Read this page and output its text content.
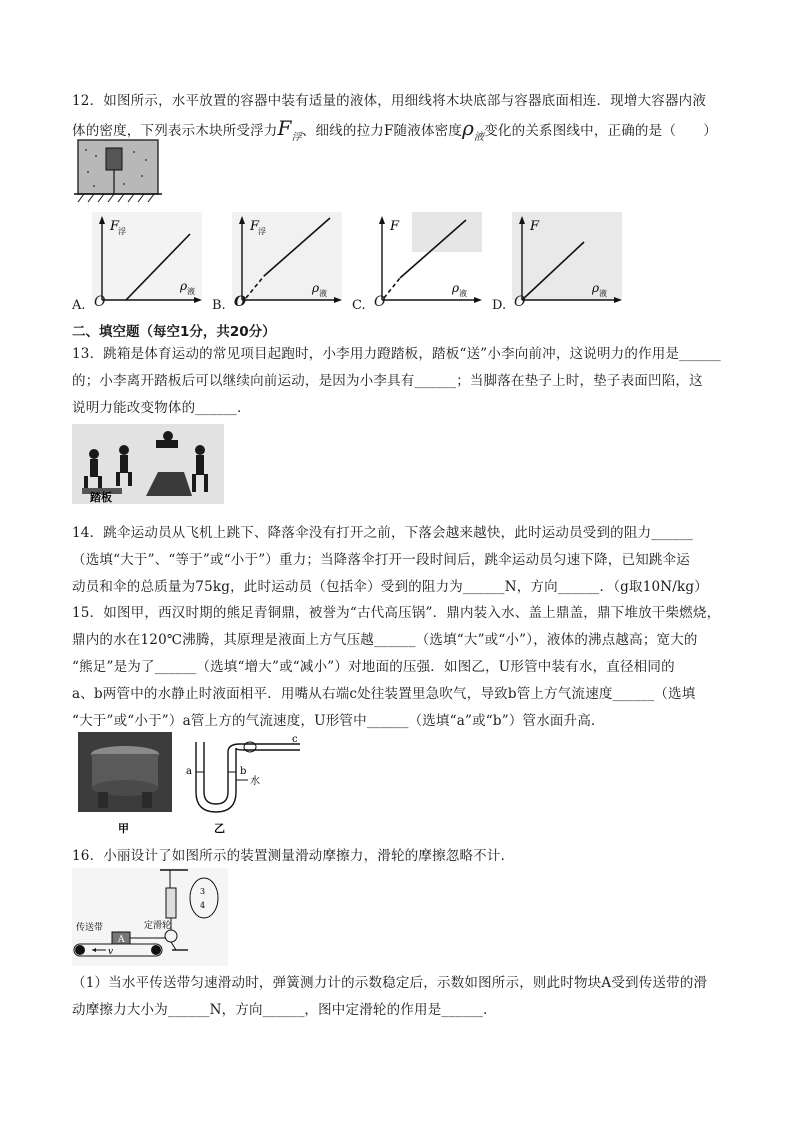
12．如图所示，水平放置的容器中装有适量的液体，用细线将木块底部与容器底面相连．现增大容器内液
体的密度，下列表示木块所受浮力$F_浮$、细线的拉力F随液体密度$\rho_液$变化的关系图线中，正确的是（　　）
F
浮
ρ 液
A. O
F
浮
ρ 液
B. O
F
ρ 液
C. O
F
ρ 液
D. O
二、填空题（每空1分，共20分）
13．跳箱是体育运动的常见项目起跑时，小李用力蹬踏板，踏板“送”小李向前冲，这说明力的作用是______
的；小李离开踏板后可以继续向前运动，是因为小李具有______；当脚落在垫子上时，垫子表面凹陷，这
说明力能改变物体的______．
踏板
14．跳伞运动员从飞机上跳下、降落伞没有打开之前，下落会越来越快，此时运动员受到的阻力______
（选填“大于”、“等于”或“小于”）重力；当降落伞打开一段时间后，跳伞运动员匀速下降，已知跳伞运
动员和伞的总质量为75kg，此时运动员（包括伞）受到的阻力为______N，方向______．（g取10N/kg）
15．如图甲，西汉时期的熊足青铜鼎，被誉为“古代高压锅”．鼎内装入水、盖上鼎盖，鼎下堆放干柴燃烧，
鼎内的水在120℃沸腾，其原理是液面上方气压越______（选填“大”或“小”），液体的沸点越高；宽大的
“熊足”是为了______（选填“增大”或“减小”）对地面的压强．如图乙，U形管中装有水，直径相同的
a、b两管中的水静止时液面相平．用嘴从右端c处往装置里急吹气，导致b管上方气流速度______（选填
“大于”或“小于”）a管上方的气流速度，U形管中______（选填“a”或“b”）管水面升高．
甲
a	b
c
水
乙
16．小丽设计了如图所示的装置测量滑动摩擦力，滑轮的摩擦忽略不计．
3
4
定滑轮
A
v
传送带
（1）当水平传送带匀速滑动时，弹簧测力计的示数稳定后，示数如图所示，则此时物块A受到传送带的滑
动摩擦力大小为______N，方向______，图中定滑轮的作用是______．
